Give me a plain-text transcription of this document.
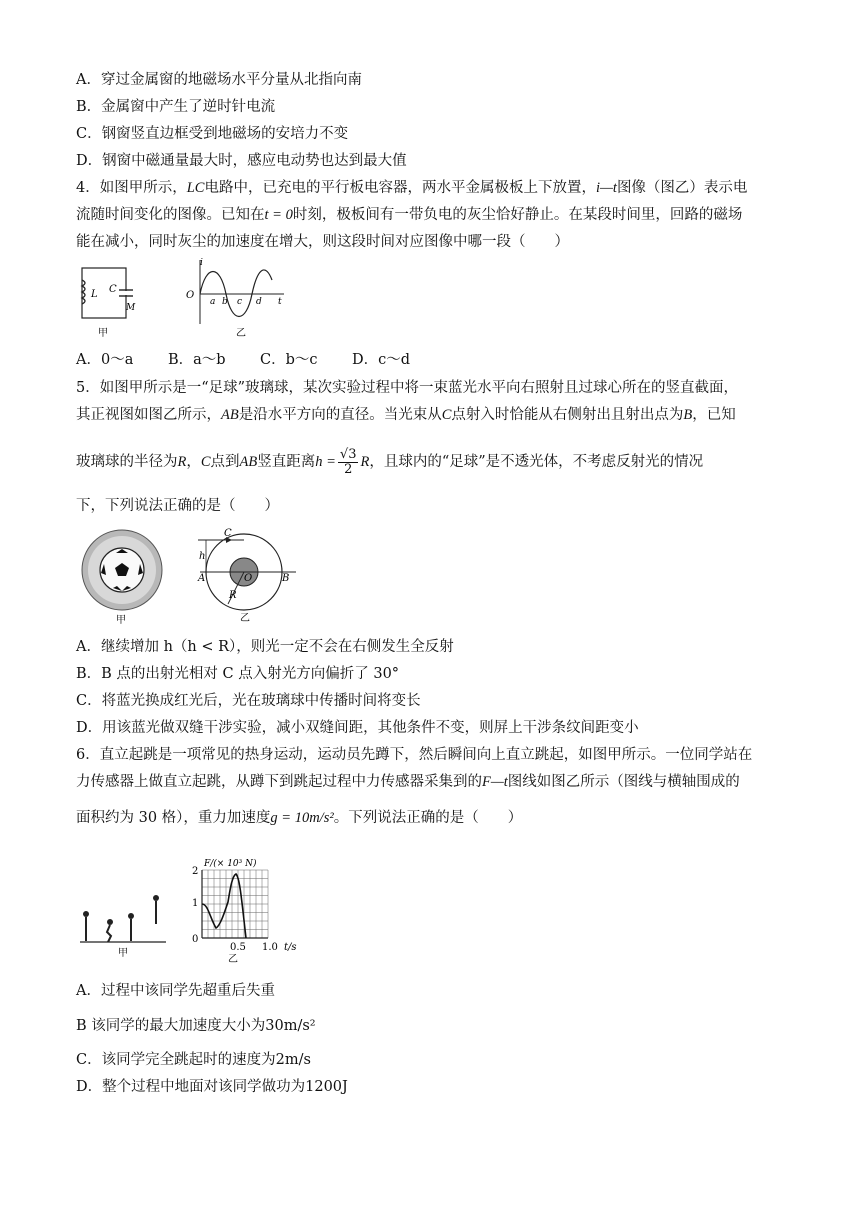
A．穿过金属窗的地磁场水平分量从北指向南
B．金属窗中产生了逆时针电流
C．钢窗竖直边框受到地磁场的安培力不变
D．钢窗中磁通量最大时，感应电动势也达到最大值
4．如图甲所示，LC电路中，已充电的平行板电容器，两水平金属极板上下放置，i—t图像（图乙）表示电
流随时间变化的图像。已知在t = 0时刻，极板间有一带负电的灰尘恰好静止。在某段时间里，回路的磁场
能在减小，同时灰尘的加速度在增大，则这段时间对应图像中哪一段（　　）
L C
M
甲
i
O
a b c d t
乙
A．0～a B．a～b C．b～c D．c～d
5．如图甲所示是一“足球”玻璃球，某次实验过程中将一束蓝光水平向右照射且过球心所在的竖直截面，
其正视图如图乙所示，AB是沿水平方向的直径。当光束从C点射入时恰能从右侧射出且射出点为B，已知
玻璃球的半径为R，C点到AB竖直距离$h = \frac{√3}{2}$ R，且球内的“足球”是不透光体，不考虑反射光的情况
下，下列说法正确的是（　　）
甲
C
h
A	O	B
R
乙
A．继续增加 h（h < R），则光一定不会在右侧发生全反射
B．B 点的出射光相对 C 点入射光方向偏折了 30°
C．将蓝光换成红光后，光在玻璃球中传播时间将变长
D．用该蓝光做双缝干涉实验，减小双缝间距，其他条件不变，则屏上干涉条纹间距变小
6．直立起跳是一项常见的热身运动，运动员先蹲下，然后瞬间向上直立跳起，如图甲所示。一位同学站在
力传感器上做直立起跳，从蹲下到跳起过程中力传感器采集到的F—t图线如图乙所示（图线与横轴围成的
面积约为 30 格），重力加速度g = 10m/s²。下列说法正确的是（　　）
甲
F/(× 10³ N)
2
1
0
0.5 1.0 t/s
乙
A．过程中该同学先超重后失重
B 该同学的最大加速度大小为30m/s²
C．该同学完全跳起时的速度为2m/s
D．整个过程中地面对该同学做功为1200J
